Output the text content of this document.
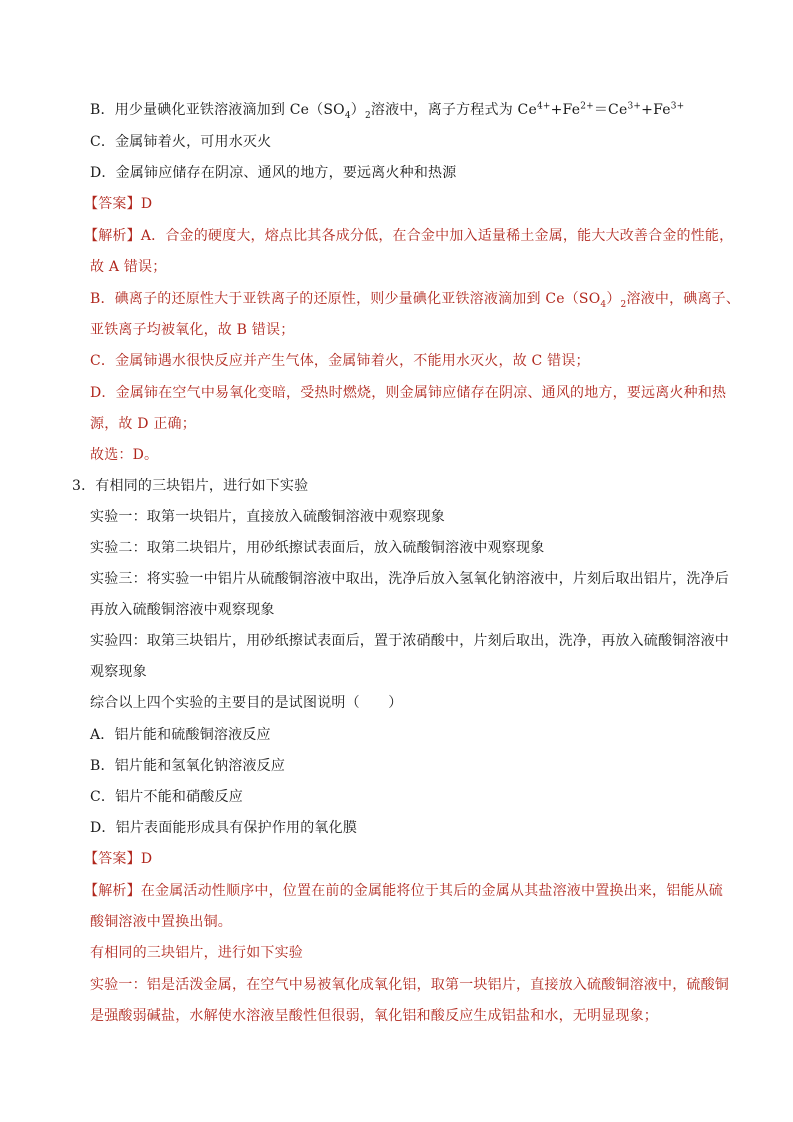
B．用少量碘化亚铁溶液滴加到 $Ce(SO_4)_2$溶液中，离子方程式为 $Ce^{4+}+Fe^{2+}=Ce^{3+}+Fe^{3+}$
C．金属铈着火，可用水灭火
D．金属铈应储存在阴凉、通风的地方，要远离火种和热源
【答案】D
【解析】A．合金的硬度大，熔点比其各成分低，在合金中加入适量稀土金属，能大大改善合金的性能，
故 A 错误；
B．碘离子的还原性大于亚铁离子的还原性，则少量碘化亚铁溶液滴加到 $Ce(SO_4)_2$溶液中，碘离子、
亚铁离子均被氧化，故 B 错误；
C．金属铈遇水很快反应并产生气体，金属铈着火，不能用水灭火，故 C 错误；
D．金属铈在空气中易氧化变暗，受热时燃烧，则金属铈应储存在阴凉、通风的地方，要远离火种和热
源，故 D 正确；
故选：D。
3．有相同的三块铝片，进行如下实验
实验一：取第一块铝片，直接放入硫酸铜溶液中观察现象
实验二：取第二块铝片，用砂纸擦试表面后，放入硫酸铜溶液中观察现象
实验三：将实验一中铝片从硫酸铜溶液中取出，洗净后放入氢氧化钠溶液中，片刻后取出铝片，洗净后
再放入硫酸铜溶液中观察现象
实验四：取第三块铝片，用砂纸擦试表面后，置于浓硝酸中，片刻后取出，洗净，再放入硫酸铜溶液中
观察现象
综合以上四个实验的主要目的是试图说明（　　）
A．铝片能和硫酸铜溶液反应
B．铝片能和氢氧化钠溶液反应
C．铝片不能和硝酸反应
D．铝片表面能形成具有保护作用的氧化膜
【答案】D
【解析】在金属活动性顺序中，位置在前的金属能将位于其后的金属从其盐溶液中置换出来，铝能从硫
酸铜溶液中置换出铜。
有相同的三块铝片，进行如下实验
实验一：铝是活泼金属，在空气中易被氧化成氧化铝，取第一块铝片，直接放入硫酸铜溶液中，硫酸铜
是强酸弱碱盐，水解使水溶液呈酸性但很弱，氧化铝和酸反应生成铝盐和水，无明显现象；
